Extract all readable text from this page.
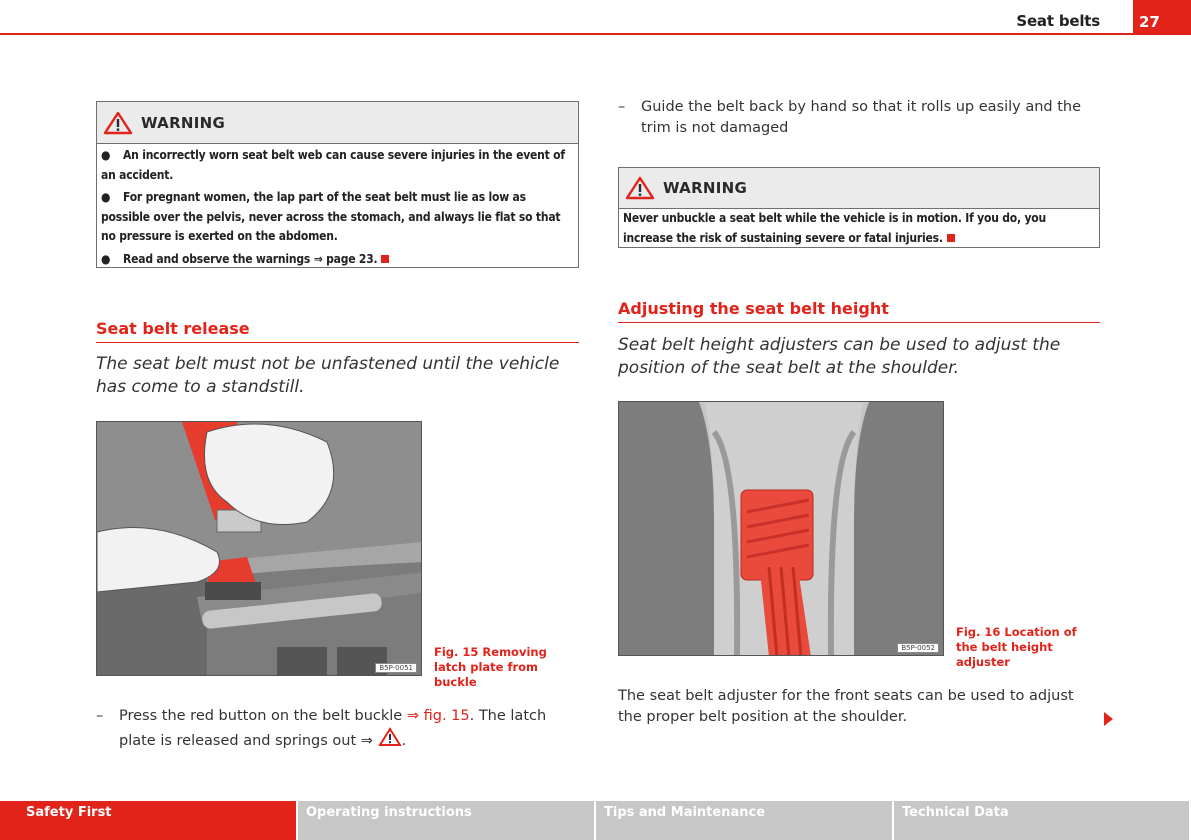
Seat belts	27
WARNING

● An incorrectly worn seat belt web can cause severe injuries in the event of an accident.

● For pregnant women, the lap part of the seat belt must lie as low as possible over the pelvis, never across the stomach, and always lie flat so that no pressure is exerted on the abdomen.

● Read and observe the warnings ⇒ page 23.

Seat belt release
The seat belt must not be unfastened until the vehicle has come to a standstill.
B5P-0051
Fig. 15 Removing latch plate from buckle
– Press the red button on the belt buckle ⇒ fig. 15. The latch plate is released and springs out ⇒ .
– Guide the belt back by hand so that it rolls up easily and the trim is not damaged
WARNING

Never unbuckle a seat belt while the vehicle is in motion. If you do, you increase the risk of sustaining severe or fatal injuries.

Adjusting the seat belt height
Seat belt height adjusters can be used to adjust the position of the seat belt at the shoulder.
B5P-0052
Fig. 16 Location of the belt height adjuster
The seat belt adjuster for the front seats can be used to adjust the proper belt position at the shoulder.
Safety First	Operating instructions	Tips and Maintenance	Technical Data
